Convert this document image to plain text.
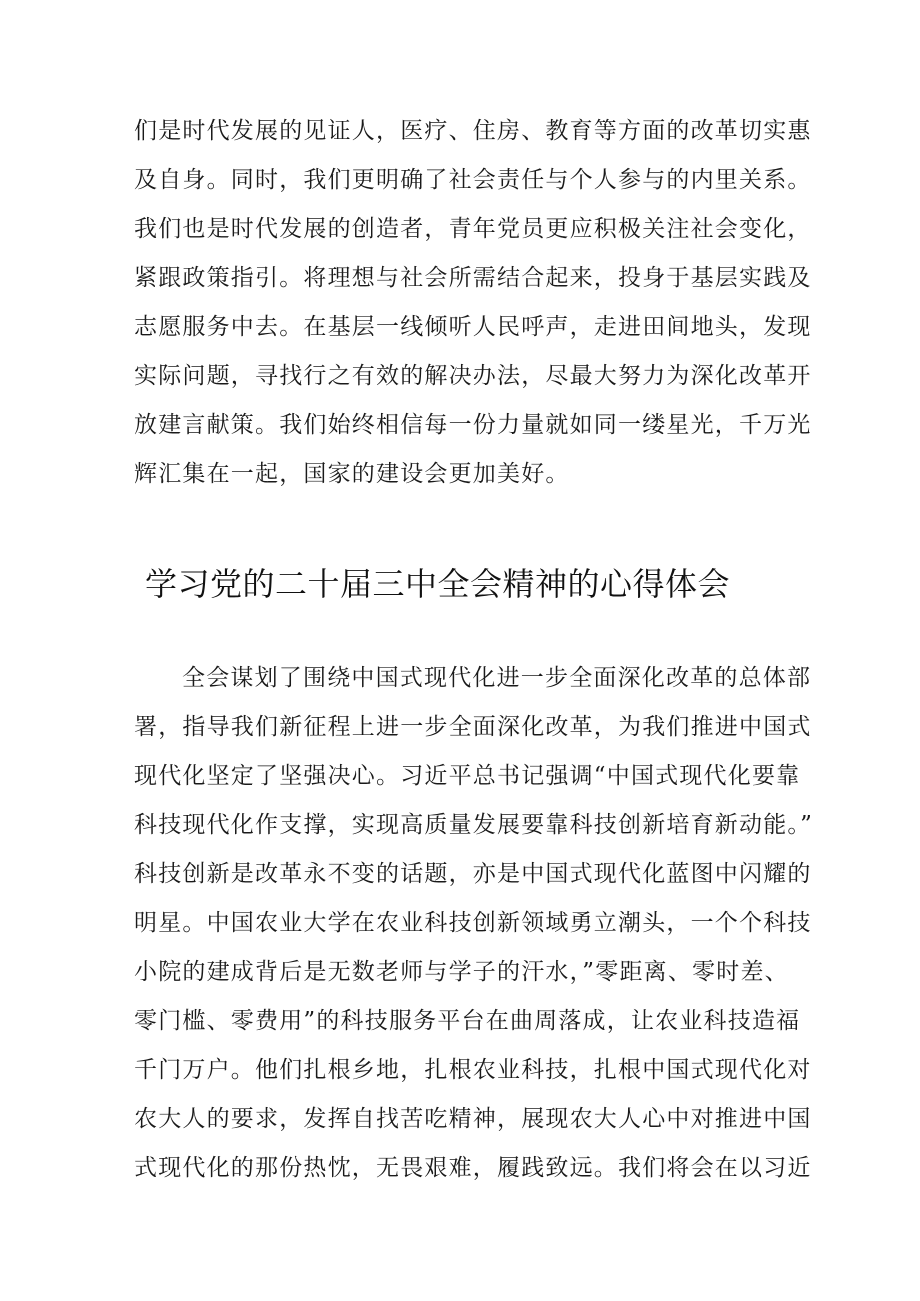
们是时代发展的见证人，医疗、住房、教育等方面的改革切实惠
及自身。同时，我们更明确了社会责任与个人参与的内里关系。
我们也是时代发展的创造者，青年党员更应积极关注社会变化，
紧跟政策指引。将理想与社会所需结合起来，投身于基层实践及
志愿服务中去。在基层一线倾听人民呼声，走进田间地头，发现
实际问题，寻找行之有效的解决办法，尽最大努力为深化改革开
放建言献策。我们始终相信每一份力量就如同一缕星光，千万光
辉汇集在一起，国家的建设会更加美好。
学习党的二十届三中全会精神的心得体会
全会谋划了围绕中国式现代化进一步全面深化改革的总体部
署，指导我们新征程上进一步全面深化改革，为我们推进中国式
现代化坚定了坚强决心。习近平总书记强调“中国式现代化要靠
科技现代化作支撑，实现高质量发展要靠科技创新培育新动能。”
科技创新是改革永不变的话题，亦是中国式现代化蓝图中闪耀的
明星。中国农业大学在农业科技创新领域勇立潮头，一个个科技
小院的建成背后是无数老师与学子的汗水，”零距离、零时差、
零门槛、零费用”的科技服务平台在曲周落成，让农业科技造福
千门万户。他们扎根乡地，扎根农业科技，扎根中国式现代化对
农大人的要求，发挥自找苦吃精神，展现农大人心中对推进中国
式现代化的那份热忱，无畏艰难，履践致远。我们将会在以习近
